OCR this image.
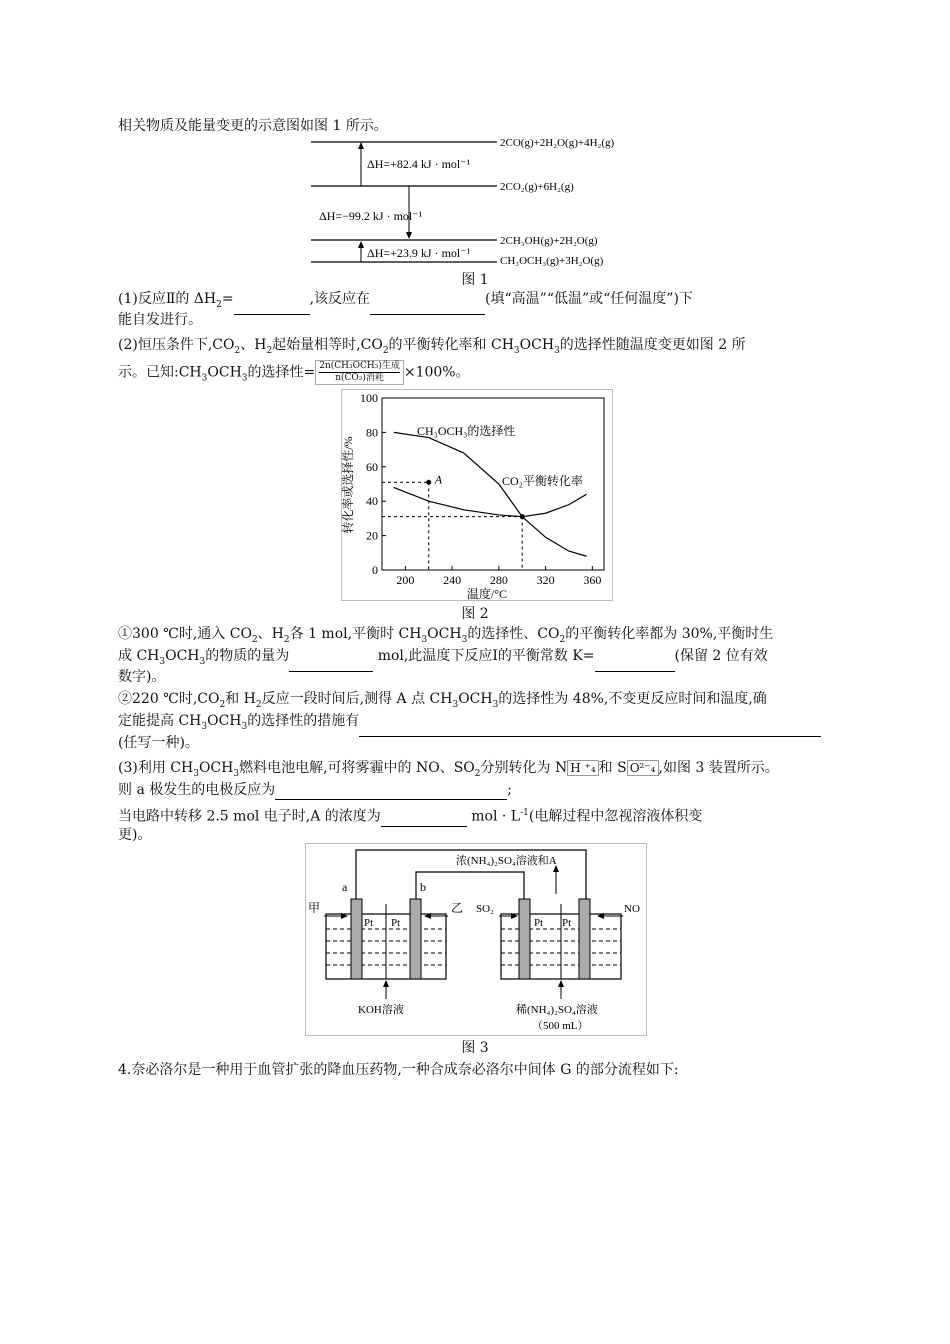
相关物质及能量变更的示意图如图 1 所示。
ΔH=+82.4 kJ · mol⁻¹
ΔH=−99.2 kJ · mol⁻¹
ΔH=+23.9 kJ · mol⁻¹
2CO(g)+2H₂O(g)+4H₂(g)
2CO₂(g)+6H₂(g)
2CH₃OH(g)+2H₂O(g)
CH₃OCH₃(g)+3H₂O(g)
图 1
(1)反应Ⅱ的 $\Delta H_2=$	,该反应在	(填“高温”“低温”或“任何温度”)下
能自发进行。
(2)恒压条件下$,CO_2$、$H_2$起始量相等时$,CO_2$的平衡转化率和 $CH_3OCH_3$的选择性随温度变更如图 2 所
示。已知$:CH_3OCH_3$的选择性= $\frac{\text{2n(CH₃OCH₃)生成}}{\text{n(CO₂)消耗}} \times 100\%$。
0
20
40
60
80
100
200 240 280 320 360
温度/°C
转化率或选择性/%	A
CH₃OCH₃的选择性
CO₂平衡转化率
图 2
①300 ℃时,通入 $CO_2$、$H_2$各 1 mol,平衡时 $CH_3OCH_3$的选择性、$CO_2$的平衡转化率都为 30%,平衡时生
成 $CH_3OCH_3$的物质的量为	mol,此温度下反应Ⅰ的平衡常数 K=	(保留 2 位有效
数字)。
②220 ℃时$,CO_2$和 $H_2$反应一段时间后,测得 A 点 $CH_3OCH_3$的选择性为 48%,不变更反应时间和温度,确
定能提高 $CH_3OCH_3$的选择性的措施有
(任写一种)。
(3)利用 $CH_3OCH_3$燃料电池电解,可将雾霾中的 NO、$SO_2$分别转化为 N H ⁺₄ 和 S O²⁻₄ ,如图 3 装置所示。
则 a 极发生的电极反应为	;
当电路中转移 2.5 mol 电子时,A 的浓度为	mol · $L^{-1}$(电解过程中忽视溶液体积变
更)。
a	b
甲	乙
Pt Pt	Pt Pt
SO₂	NO
浓(NH₄)₂SO₄溶液和A
KOH溶液	稀(NH₄)₂SO₄溶液
（500 mL）
图 3
4.奈必洛尔是一种用于血管扩张的降血压药物,一种合成奈必洛尔中间体 G 的部分流程如下:
